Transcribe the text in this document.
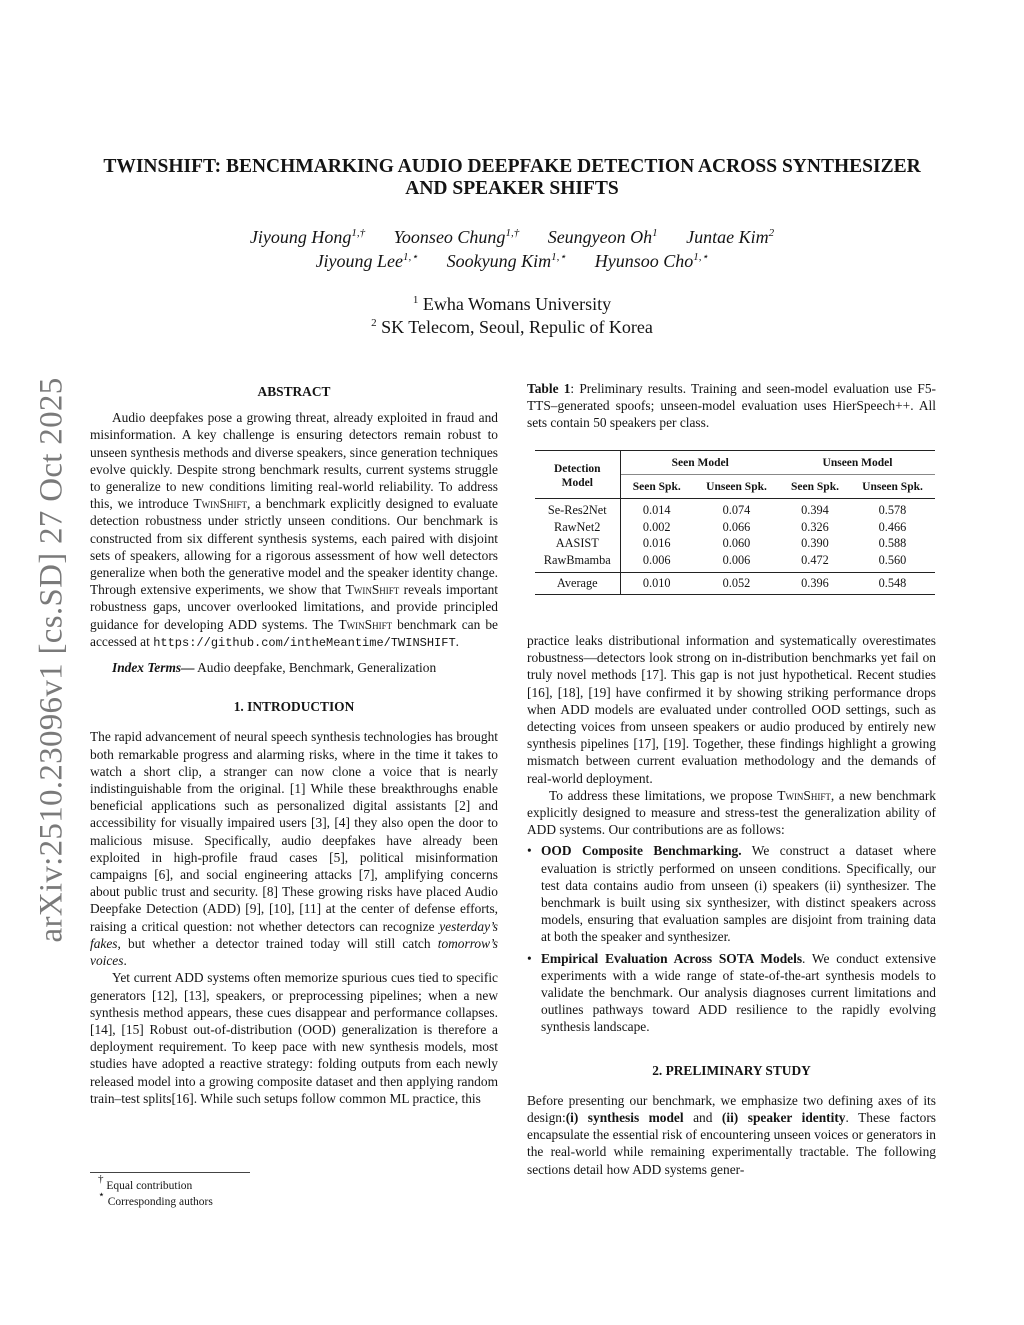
arXiv:2510.23096v1 [cs.SD] 27 Oct 2025
TWINSHIFT: BENCHMARKING AUDIO DEEPFAKE DETECTION ACROSS SYNTHESIZER
AND SPEAKER SHIFTS
Jiyoung Hong$^{1,\dagger}$ Yoonseo Chung$^{1,\dagger}$ Seungyeon Oh$^1$ Juntae Kim$^2$
Jiyoung Lee$^{1,⋆}$ Sookyung Kim$^{1,⋆}$ Hyunsoo Cho$^{1,⋆}$
$^1$ Ewha Womans University
$^2$ SK Telecom, Seoul, Repulic of Korea

ABSTRACT

Audio deepfakes pose a growing threat, already exploited in fraud and misinformation. A key challenge is ensuring detectors remain robust to unseen synthesis methods and diverse speakers, since generation techniques evolve quickly. Despite strong benchmark results, current systems struggle to generalize to new conditions limiting real-world reliability. To address this, we introduce TwinShift, a benchmark explicitly designed to evaluate detection robustness under strictly unseen conditions. Our benchmark is constructed from six different synthesis systems, each paired with disjoint sets of speakers, allowing for a rigorous assessment of how well detectors generalize when both the generative model and the speaker identity change. Through extensive experiments, we show that TwinShift reveals important robustness gaps, uncover overlooked limitations, and provide principled guidance for developing ADD systems. The TwinShift benchmark can be accessed at https://github.com/intheMeantime/TWINSHIFT.

Index Terms— Audio deepfake, Benchmark, Generalization

1. INTRODUCTION

The rapid advancement of neural speech synthesis technologies has brought both remarkable progress and alarming risks, where in the time it takes to watch a short clip, a stranger can now clone a voice that is nearly indistinguishable from the original. [1] While these breakthroughs enable beneficial applications such as personalized digital assistants [2] and accessibility for visually impaired users [3], [4] they also open the door to malicious misuse. Specifically, audio deepfakes have already been exploited in high-profile fraud cases [5], political misinformation campaigns [6], and social engineering attacks [7], amplifying concerns about public trust and security. [8] These growing risks have placed Audio Deepfake Detection (ADD) [9], [10], [11] at the center of defense efforts, raising a critical question: not whether detectors can recognize yesterday’s fakes, but whether a detector trained today will still catch tomorrow’s voices.

Yet current ADD systems often memorize spurious cues tied to specific generators [12], [13], speakers, or preprocessing pipelines; when a new synthesis method appears, these cues disappear and performance collapses. [14], [15] Robust out-of-distribution (OOD) generalization is therefore a deployment requirement. To keep pace with new synthesis models, most studies have adopted a reactive strategy: folding outputs from each newly released model into a growing composite dataset and then applying random train–test splits[16]. While such setups follow common ML practice, this

† Equal contribution
⋆ Corresponding authors

Table 1: Preliminary results. Training and seen-model evaluation use F5-TTS–generated spoofs; unseen-model evaluation uses HierSpeech++. All sets contain 50 speakers per class.

Detection
Model	Seen Model		Unseen Model	
	Seen Spk.	Unseen Spk.	Seen Spk.	Unseen Spk.

Se-Res2Net	0.014	0.074	0.394	0.578
RawNet2	0.002	0.066	0.326	0.466
AASIST	0.016	0.060	0.390	0.588
RawBmamba	0.006	0.006	0.472	0.560

Average	0.010	0.052	0.396	0.548

practice leaks distributional information and systematically overestimates robustness—detectors look strong on in-distribution benchmarks yet fail on truly novel methods [17]. This gap is not just hypothetical. Recent studies [16], [18], [19] have confirmed it by showing striking performance drops when ADD models are evaluated under controlled OOD settings, such as detecting voices from unseen speakers or audio produced by entirely new synthesis pipelines [17], [19]. Together, these findings highlight a growing mismatch between current evaluation methodology and the demands of real-world deployment.

To address these limitations, we propose TwinShift, a new benchmark explicitly designed to measure and stress-test the generalization ability of ADD systems. Our contributions are as follows:

• OOD Composite Benchmarking. We construct a dataset where evaluation is strictly performed on unseen conditions. Specifically, our test data contains audio from unseen (i) speakers (ii) synthesizer. The benchmark is built using six synthesizer, with distinct speakers across models, ensuring that evaluation samples are disjoint from training data at both the speaker and synthesizer.
• Empirical Evaluation Across SOTA Models. We conduct extensive experiments with a wide range of state-of-the-art synthesis models to validate the benchmark. Our analysis diagnoses current limitations and outlines pathways toward ADD resilience to the rapidly evolving synthesis landscape.

2. PRELIMINARY STUDY

Before presenting our benchmark, we emphasize two defining axes of its design:(i) synthesis model and (ii) speaker identity. These factors encapsulate the essential risk of encountering unseen voices or generators in the real-world while remaining experimentally tractable. The following sections detail how ADD systems gener-
